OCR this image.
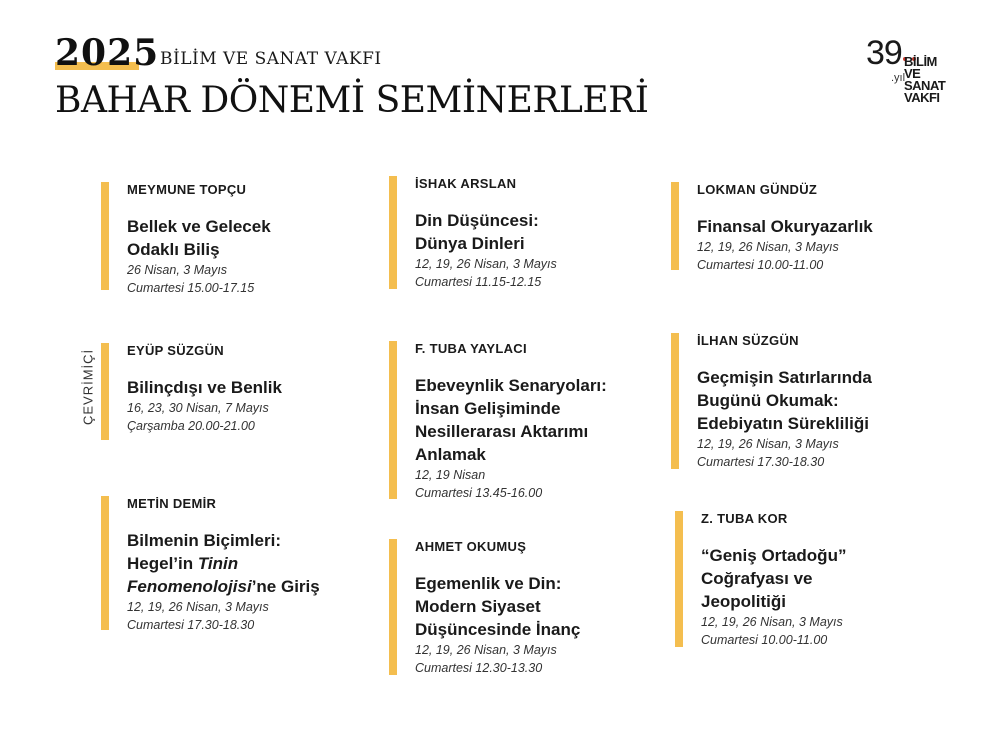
2025 BİLİM VE SANAT VAKFI
BAHAR DÖNEMİ SEMİNERLERİ
39
.yıl
BİLİM
VE
SANAT
VAKFI
ÇEVRİMİÇİ
MEYMUNE TOPÇU
Bellek ve Gelecek
Odaklı Biliş
26 Nisan, 3 Mayıs
Cumartesi 15.00-17.15
EYÜP SÜZGÜN
Bilinçdışı ve Benlik
16, 23, 30 Nisan, 7 Mayıs
Çarşamba 20.00-21.00
METİN DEMİR
Bilmenin Biçimleri:
Hegel’in Tinin
Fenomenolojisi’ne Giriş
12, 19, 26 Nisan, 3 Mayıs
Cumartesi 17.30-18.30
İSHAK ARSLAN
Din Düşüncesi:
Dünya Dinleri
12, 19, 26 Nisan, 3 Mayıs
Cumartesi 11.15-12.15
F. TUBA YAYLACI
Ebeveynlik Senaryoları:
İnsan Gelişiminde
Nesillerarası Aktarımı
Anlamak
12, 19 Nisan
Cumartesi 13.45-16.00
AHMET OKUMUŞ
Egemenlik ve Din:
Modern Siyaset
Düşüncesinde İnanç
12, 19, 26 Nisan, 3 Mayıs
Cumartesi 12.30-13.30
LOKMAN GÜNDÜZ
Finansal Okuryazarlık
12, 19, 26 Nisan, 3 Mayıs
Cumartesi 10.00-11.00
İLHAN SÜZGÜN
Geçmişin Satırlarında
Bugünü Okumak:
Edebiyatın Sürekliliği
12, 19, 26 Nisan, 3 Mayıs
Cumartesi 17.30-18.30
Z. TUBA KOR
“Geniş Ortadoğu”
Coğrafyası ve
Jeopolitiği
12, 19, 26 Nisan, 3 Mayıs
Cumartesi 10.00-11.00
